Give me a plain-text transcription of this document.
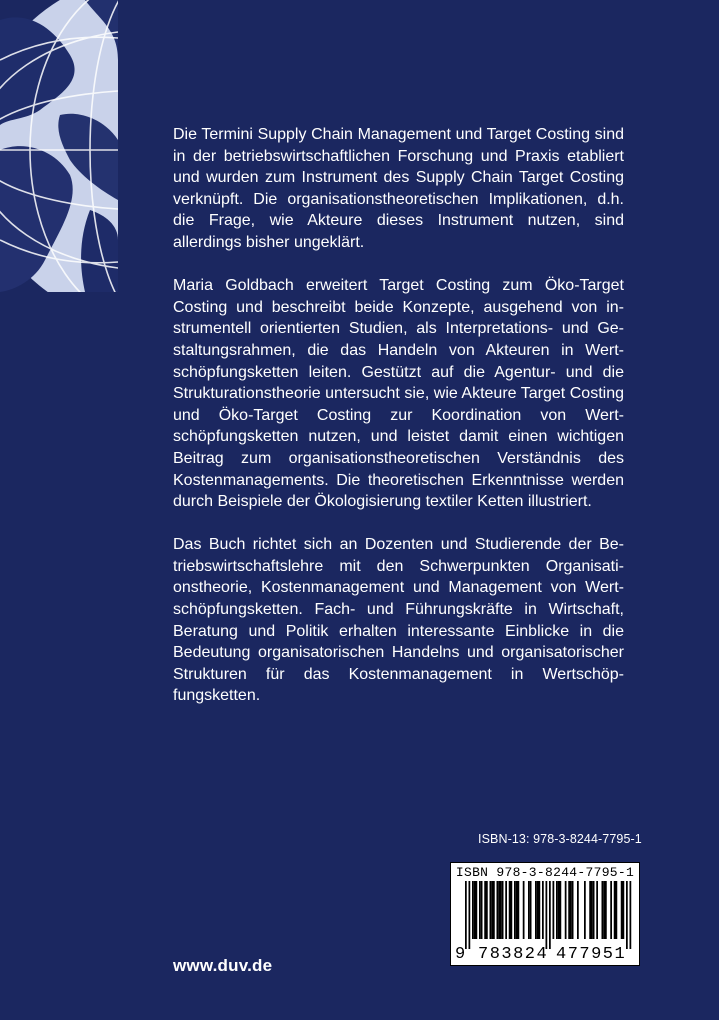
Die Termini Supply Chain Management und Target Costing sind in der betriebswirtschaftlichen Forschung und Praxis etabliert und wurden zum Instrument des Supply Chain Target Costing verknüpft. Die organisationstheoretischen Implikationen, d.h. die Frage, wie Akteure dieses Instrument nutzen, sind allerdings bisher ungeklärt.

Maria Goldbach erweitert Target Costing zum Öko-Target Costing und beschreibt beide Konzepte, ausgehend von instrumentell orientierten Studien, als Interpretations- und Gestaltungsrahmen, die das Handeln von Akteuren in Wertschöpfungsketten leiten. Gestützt auf die Agentur- und die Strukturationstheorie untersucht sie, wie Akteure Target Costing und Öko-Target Costing zur Koordination von Wertschöpfungsketten nutzen, und leistet damit einen wichtigen Beitrag zum organisationstheoretischen Verständnis des Kostenmanagements. Die theoretischen Erkenntnisse werden durch Beispiele der Ökologisierung textiler Ketten illustriert.

Das Buch richtet sich an Dozenten und Studierende der Betriebswirtschaftslehre mit den Schwerpunkten Organisationstheorie, Kostenmanagement und Management von Wertschöpfungsketten. Fach- und Führungskräfte in Wirtschaft, Beratung und Politik erhalten interessante Einblicke in die Bedeutung organisatorischen Handelns und organisatorischer Strukturen für das Kostenmanagement in Wertschöpfungsketten.

ISBN-13: 978-3-8244-7795-1
ISBN 978-3-8244-7795-1
9 783824 477951
www.duv.de
